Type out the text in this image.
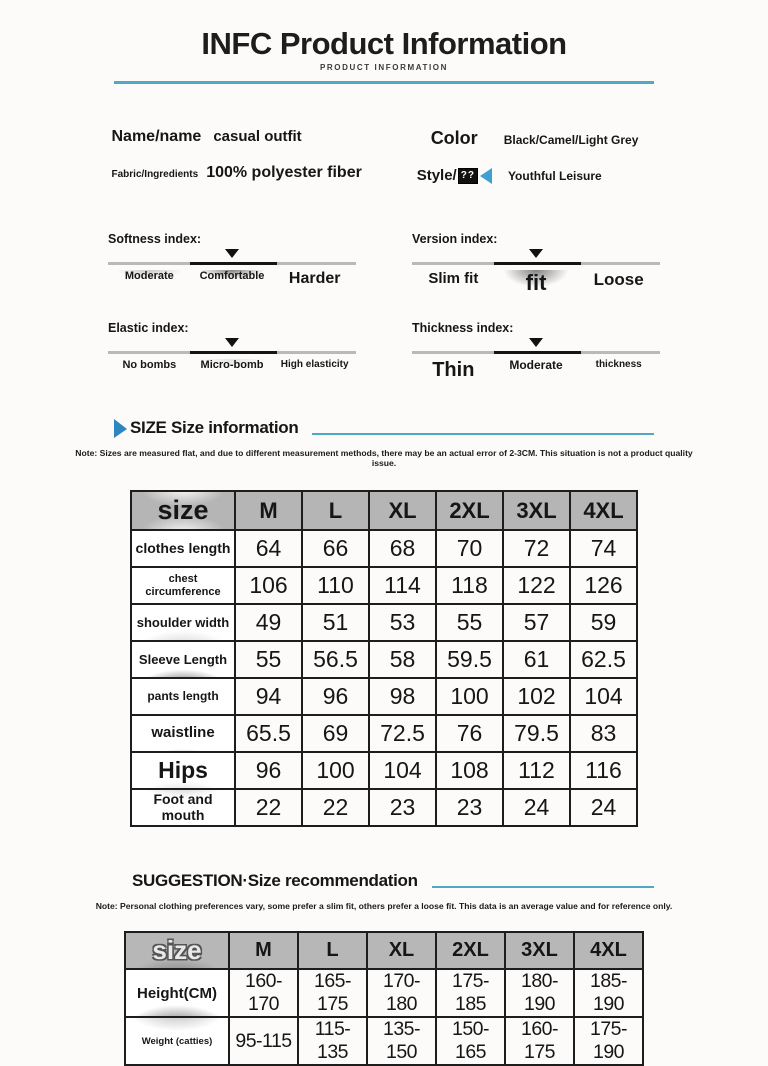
INFC Product Information
PRODUCT INFORMATION
Name/name casual outfit
Fabric/Ingredients 100% polyester fiber
Color Black/Camel/Light Grey
Style/ ??	Youthful Leisure
Softness index:
Moderate	Comfortable	Harder
Version index:
Slim fit	fit	Loose
Elastic index:
No bombs	Micro-bomb	High elasticity
Thickness index:
Thin	Moderate	thickness
SIZE Size information
Note: Sizes are measured flat, and due to different measurement methods, there may be an actual error of 2-3CM. This situation is not a product quality issue.
size	M	L	XL	2XL	3XL	4XL
clothes length	64	66	68	70	72	74
chest circumference	106	110	114	118	122	126
shoulder width	49	51	53	55	57	59
Sleeve Length	55	56.5	58	59.5	61	62.5
pants length	94	96	98	100	102	104
waistline	65.5	69	72.5	76	79.5	83
Hips	96	100	104	108	112	116
Foot and mouth	22	22	23	23	24	24
SUGGESTION·Size recommendation
Note: Personal clothing preferences vary, some prefer a slim fit, others prefer a loose fit. This data is an average value and for reference only.
size	M	L	XL	2XL	3XL	4XL
Height(CM)	160-170	165-175	170-180	175-185	180-190	185-190
Weight (catties)	95-115	115-135	135-150	150-165	160-175	175-190
